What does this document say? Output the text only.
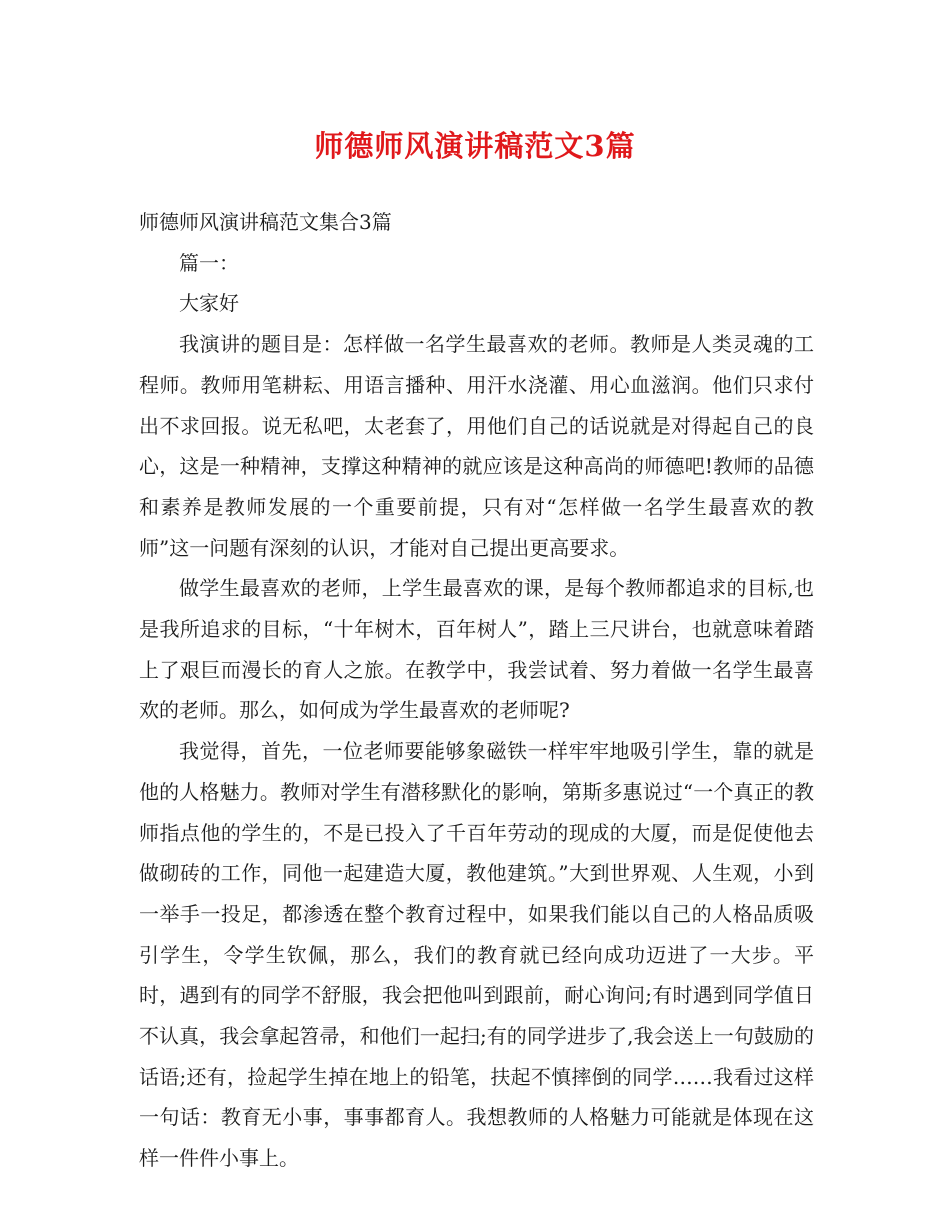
师德师风演讲稿范文3篇

师德师风演讲稿范文集合3篇

篇一：

大家好

我演讲的题目是：怎样做一名学生最喜欢的老师。教师是人类灵魂的工程师。教师用笔耕耘、用语言播种、用汗水浇灌、用心血滋润。他们只求付出不求回报。说无私吧，太老套了，用他们自己的话说就是对得起自己的良心，这是一种精神，支撑这种精神的就应该是这种高尚的师德吧!教师的品德和素养是教师发展的一个重要前提，只有对“怎样做一名学生最喜欢的教师”这一问题有深刻的认识，才能对自己提出更高要求。

做学生最喜欢的老师，上学生最喜欢的课，是每个教师都追求的目标,也是我所追求的目标，“十年树木，百年树人”，踏上三尺讲台，也就意味着踏上了艰巨而漫长的育人之旅。在教学中，我尝试着、努力着做一名学生最喜欢的老师。那么，如何成为学生最喜欢的老师呢?

我觉得，首先，一位老师要能够象磁铁一样牢牢地吸引学生，靠的就是他的人格魅力。教师对学生有潜移默化的影响，第斯多惠说过“一个真正的教师指点他的学生的，不是已投入了千百年劳动的现成的大厦，而是促使他去做砌砖的工作，同他一起建造大厦，教他建筑。”大到世界观、人生观，小到一举手一投足，都渗透在整个教育过程中，如果我们能以自己的人格品质吸引学生，令学生钦佩，那么，我们的教育就已经向成功迈进了一大步。平时，遇到有的同学不舒服，我会把他叫到跟前，耐心询问;有时遇到同学值日不认真，我会拿起笤帚，和他们一起扫;有的同学进步了,我会送上一句鼓励的话语;还有，捡起学生掉在地上的铅笔，扶起不慎摔倒的同学……我看过这样一句话：教育无小事，事事都育人。我想教师的人格魅力可能就是体现在这样一件件小事上。
